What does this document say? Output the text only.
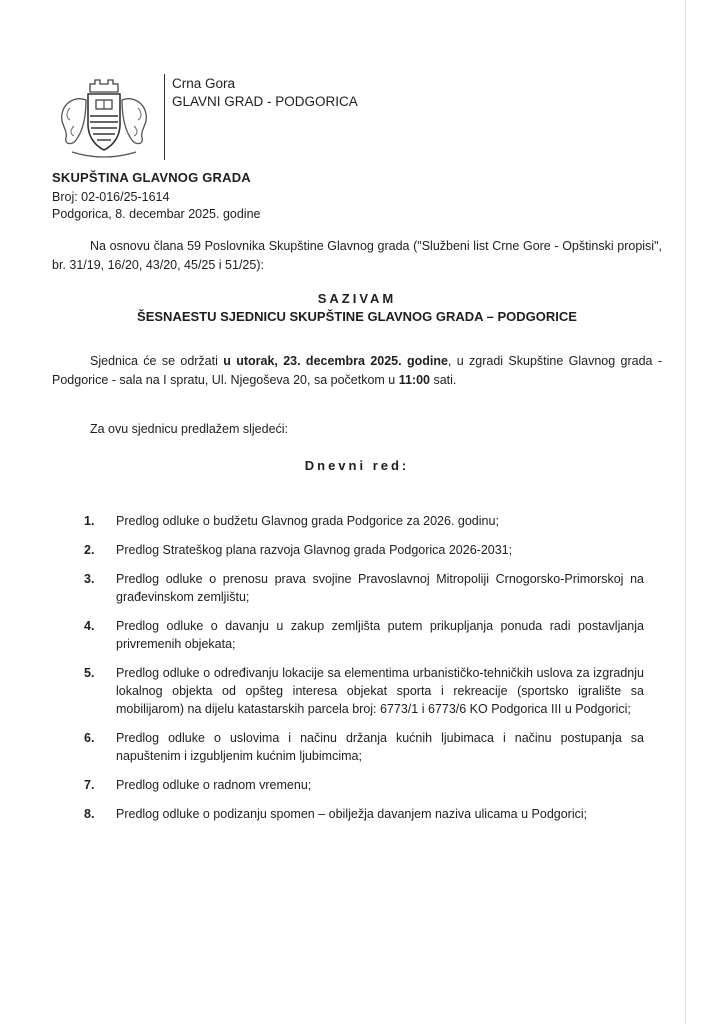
Crna Gora
GLAVNI GRAD - PODGORICA
SKUPŠTINA GLAVNOG GRADA
Broj: 02-016/25-1614
Podgorica, 8. decembar 2025. godine
Na osnovu člana 59 Poslovnika Skupštine Glavnog grada ("Službeni list Crne Gore - Opštinski propisi", br. 31/19, 16/20, 43/20, 45/25 i 51/25):
SAZIVAM
ŠESNAESTU SJEDNICU SKUPŠTINE GLAVNOG GRADA – PODGORICE
Sjednica će se održati u utorak, 23. decembra 2025. godine, u zgradi Skupštine Glavnog grada - Podgorice - sala na I spratu, Ul. Njegoševa 20, sa početkom u 11:00 sati.
Za ovu sjednicu predlažem sljedeći:
Dnevni red:
1.	Predlog odluke o budžetu Glavnog grada Podgorice za 2026. godinu;
2.	Predlog Strateškog plana razvoja Glavnog grada Podgorica 2026-2031;
3.	Predlog odluke o prenosu prava svojine Pravoslavnoj Mitropoliji Crnogorsko-Primorskoj na građevinskom zemljištu;
4.	Predlog odluke o davanju u zakup zemljišta putem prikupljanja ponuda radi postavljanja privremenih objekata;
5.	Predlog odluke o određivanju lokacije sa elementima urbanističko-tehničkih uslova za izgradnju lokalnog objekta od opšteg interesa objekat sporta i rekreacije (sportsko igralište sa mobilijarom) na dijelu katastarskih parcela broj: 6773/1 i 6773/6 KO Podgorica III u Podgorici;
6.	Predlog odluke o uslovima i načinu držanja kućnih ljubimaca i načinu postupanja sa napuštenim i izgubljenim kućnim ljubimcima;
7.	Predlog odluke o radnom vremenu;
8.	Predlog odluke o podizanju spomen – obilježja davanjem naziva ulicama u Podgorici;
